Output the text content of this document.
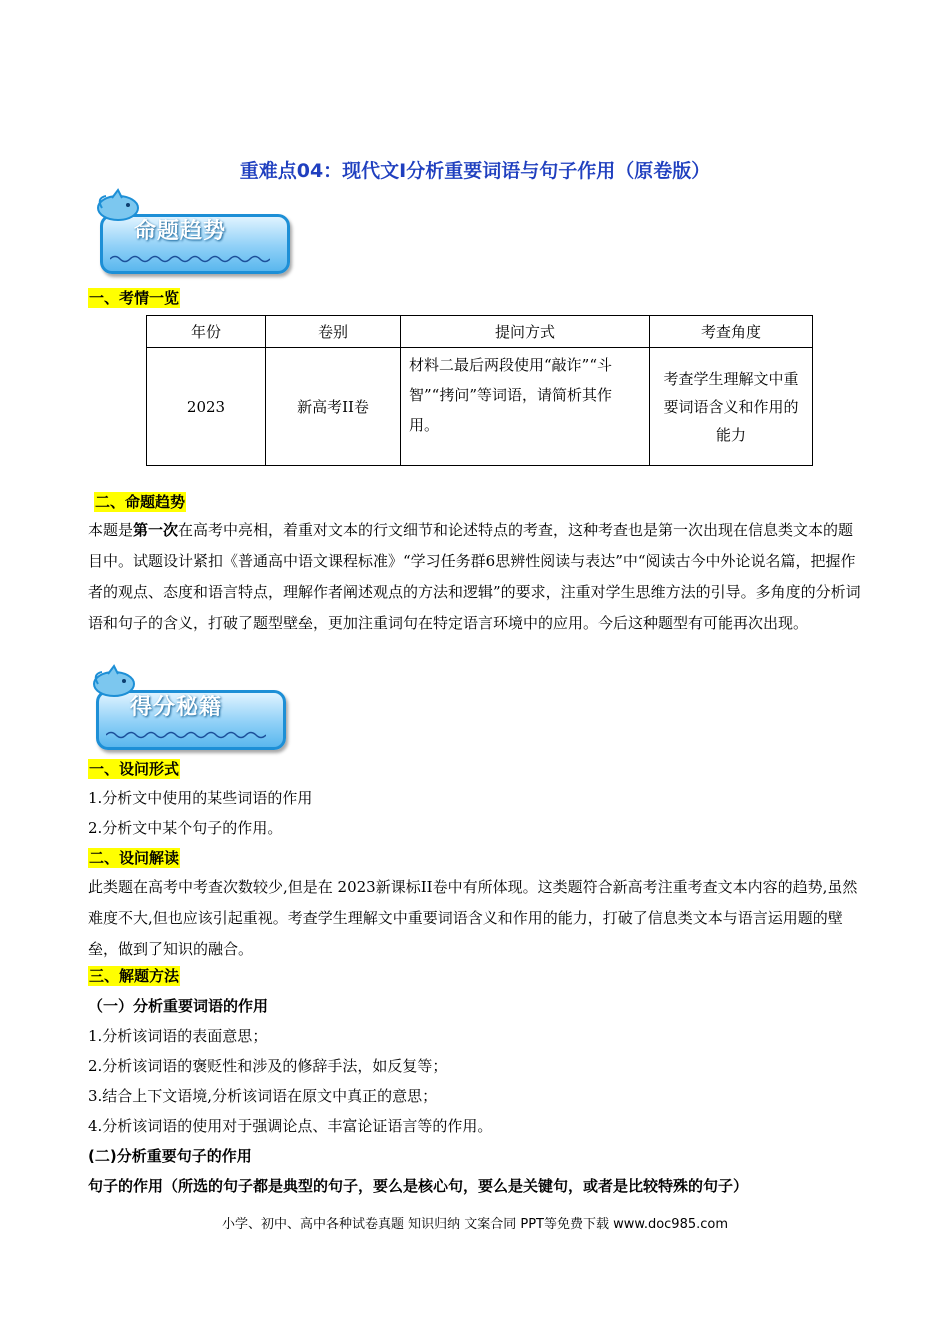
重难点04：现代文I分析重要词语与句子作用（原卷版）
命题趋势
一、考情一览
年份	卷别	提问方式	考查角度
2023	新高考II卷	材料二最后两段使用“敲诈”“斗智”“拷问”等词语，请简析其作用。	考查学生理解文中重要词语含义和作用的能力
二、命题趋势
本题是第一次在高考中亮相，着重对文本的行文细节和论述特点的考查，这种考查也是第一次出现在信息类文本的题目中。试题设计紧扣《普通高中语文课程标准》“学习任务群6思辨性阅读与表达”中“阅读古今中外论说名篇，把握作者的观点、态度和语言特点，理解作者阐述观点的方法和逻辑”的要求，注重对学生思维方法的引导。多角度的分析词语和句子的含义，打破了题型壁垒，更加注重词句在特定语言环境中的应用。今后这种题型有可能再次出现。
得分秘籍
一、设问形式
1.分析文中使用的某些词语的作用
2.分析文中某个句子的作用。
二、设问解读
此类题在高考中考查次数较少,但是在 2023新课标II卷中有所体现。这类题符合新高考注重考查文本内容的趋势,虽然难度不大,但也应该引起重视。考查学生理解文中重要词语含义和作用的能力，打破了信息类文本与语言运用题的壁垒，做到了知识的融合。
三、解题方法
（一）分析重要词语的作用
1.分析该词语的表面意思；
2.分析该词语的褒贬性和涉及的修辞手法，如反复等；
3.结合上下文语境,分析该词语在原文中真正的意思；
4.分析该词语的使用对于强调论点、丰富论证语言等的作用。
(二)分析重要句子的作用
句子的作用（所选的句子都是典型的句子，要么是核心句，要么是关键句，或者是比较特殊的句子）
小学、初中、高中各种试卷真题 知识归纳 文案合同 PPT等免费下载 www.doc985.com
